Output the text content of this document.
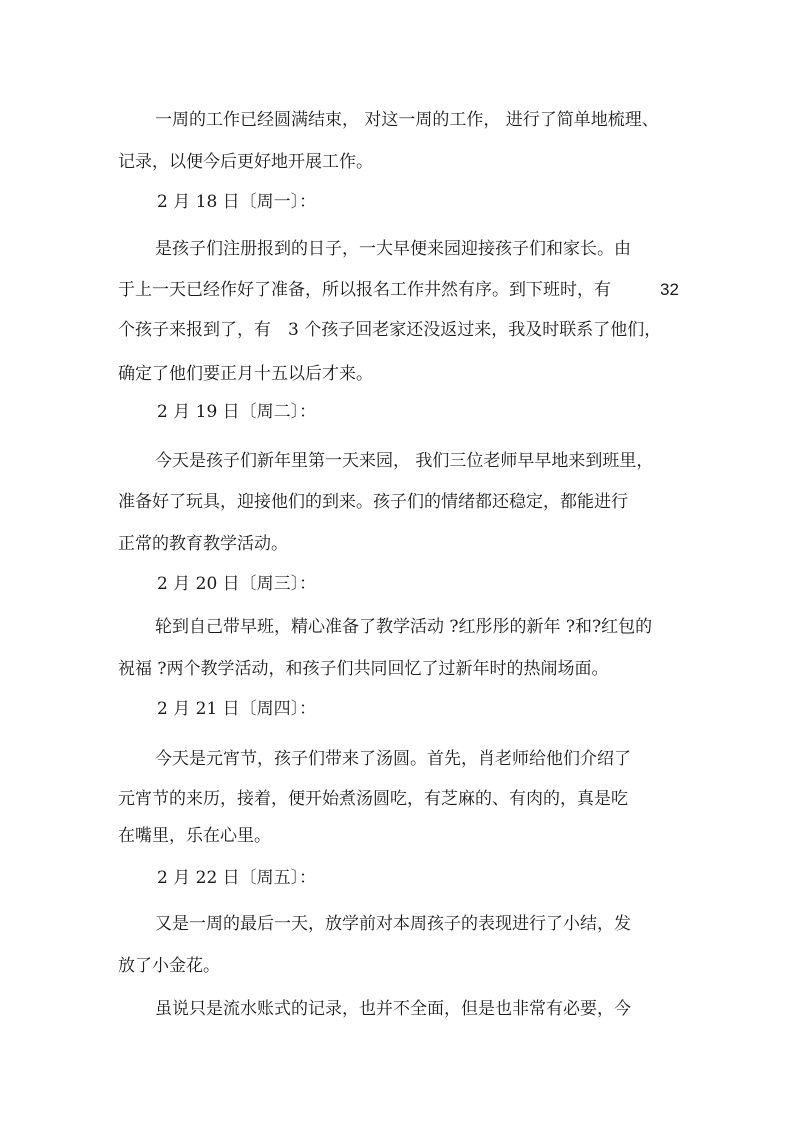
一周的工作已经圆满结束， 对这一周的工作， 进行了简单地梳理、
记录，以便今后更好地开展工作。
2 月 18 日〔周一〕：
是孩子们注册报到的日子，一大早便来园迎接孩子们和家长。由
于上一天已经作好了准备，所以报名工作井然有序。到下班时，有	32
个孩子来报到了，有 3 个孩子回老家还没返过来，我及时联系了他们，
确定了他们要正月十五以后才来。
2 月 19 日〔周二〕：
今天是孩子们新年里第一天来园， 我们三位老师早早地来到班里，
准备好了玩具，迎接他们的到来。孩子们的情绪都还稳定，都能进行
正常的教育教学活动。
2 月 20 日〔周三〕：
轮到自己带早班，精心准备了教学活动 ?红彤彤的新年 ?和?红包的
祝福 ?两个教学活动，和孩子们共同回忆了过新年时的热闹场面。
2 月 21 日〔周四〕：
今天是元宵节，孩子们带来了汤圆。首先，肖老师给他们介绍了
元宵节的来历，接着，便开始煮汤圆吃，有芝麻的、有肉的，真是吃
在嘴里，乐在心里。
2 月 22 日〔周五〕：
又是一周的最后一天，放学前对本周孩子的表现进行了小结，发
放了小金花。
虽说只是流水账式的记录，也并不全面，但是也非常有必要，今
